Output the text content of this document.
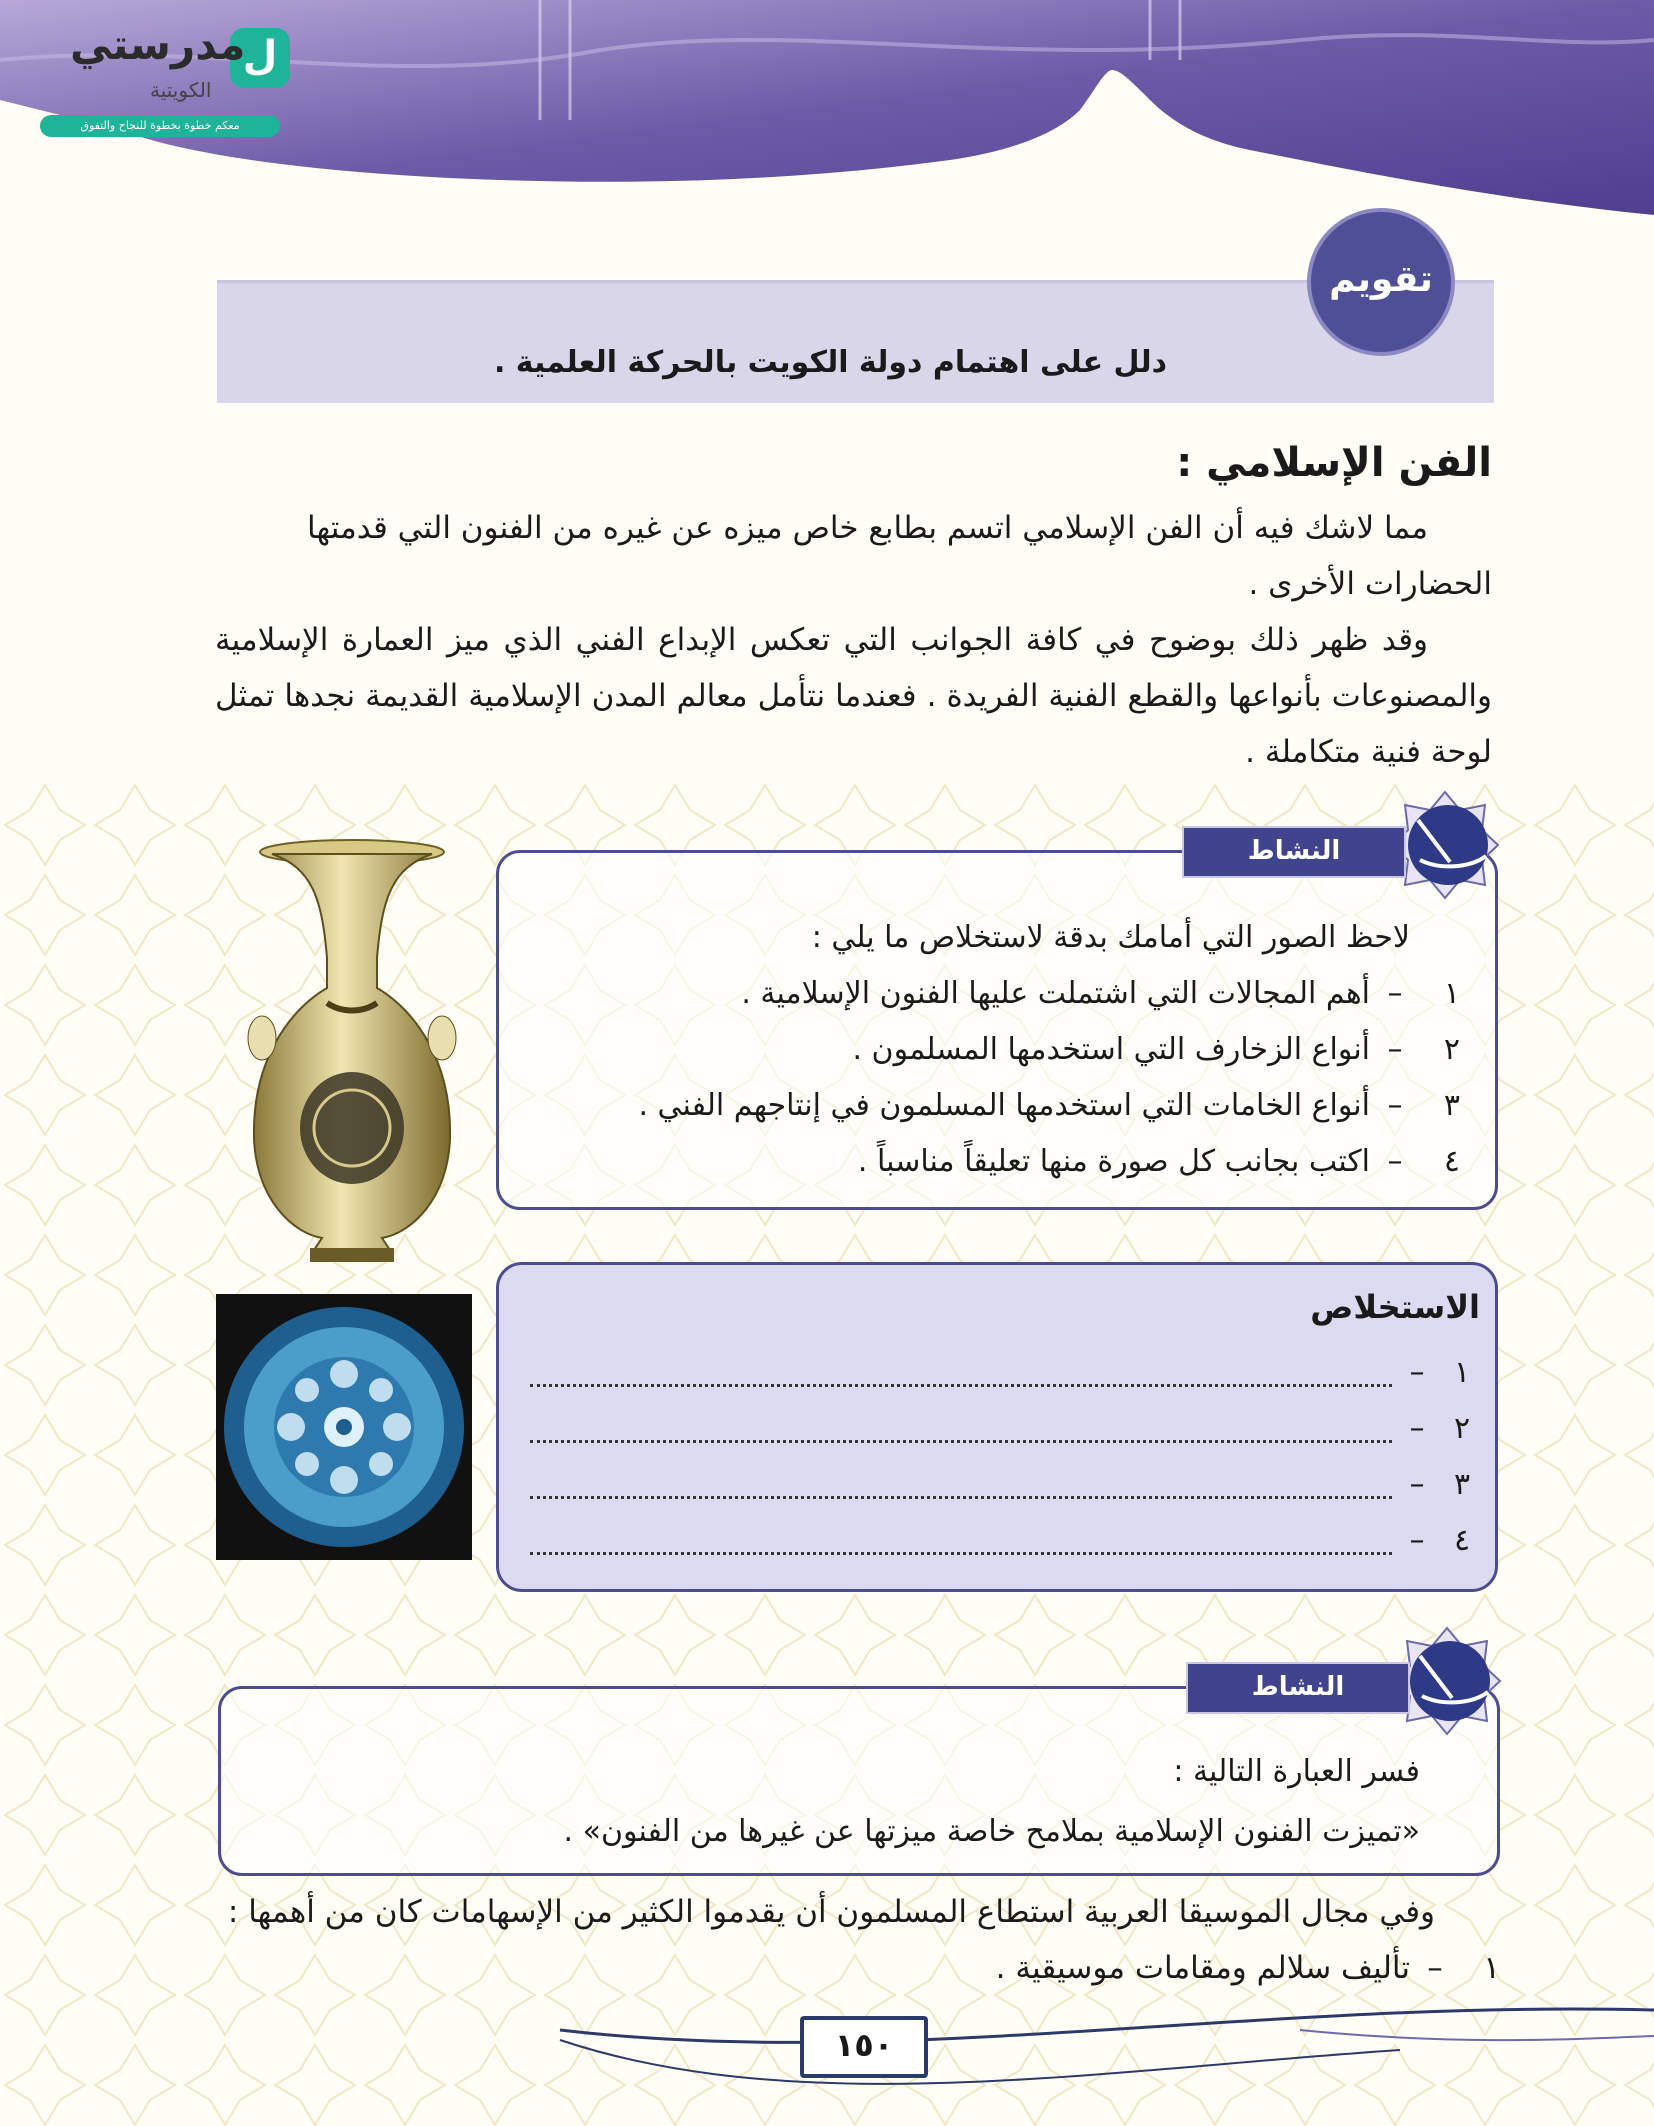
ل
مدرستي
الكويتية
معكم خطوة بخطوة للنجاح والتفوق
تقويم
دلل على اهتمام دولة الكويت بالحركة العلمية .
الفن الإسلامي :
مما لاشك فيه أن الفن الإسلامي اتسم بطابع خاص ميزه عن غيره من الفنون التي قدمتها الحضارات الأخرى .
وقد ظهر ذلك بوضوح في كافة الجوانب التي تعكس الإبداع الفني الذي ميز العمارة الإسلامية والمصنوعات بأنواعها والقطع الفنية الفريدة . فعندما نتأمل معالم المدن الإسلامية القديمة نجدها تمثل لوحة فنية متكاملة .
النشاط
لاحظ الصور التي أمامك بدقة لاستخلاص ما يلي :
١
–
أهم المجالات التي اشتملت عليها الفنون الإسلامية .
٢
–
أنواع الزخارف التي استخدمها المسلمون .
٣
–
أنواع الخامات التي استخدمها المسلمون في إنتاجهم الفني .
٤
–
اكتب بجانب كل صورة منها تعليقاً مناسباً .
الاستخلاص
١
–
٢
–
٣
–
٤
–
النشاط
فسر العبارة التالية :
«تميزت الفنون الإسلامية بملامح خاصة ميزتها عن غيرها من الفنون» .
وفي مجال الموسيقا العربية استطاع المسلمون أن يقدموا الكثير من الإسهامات كان من أهمها :
١
–
تأليف سلالم ومقامات موسيقية .
١٥٠
